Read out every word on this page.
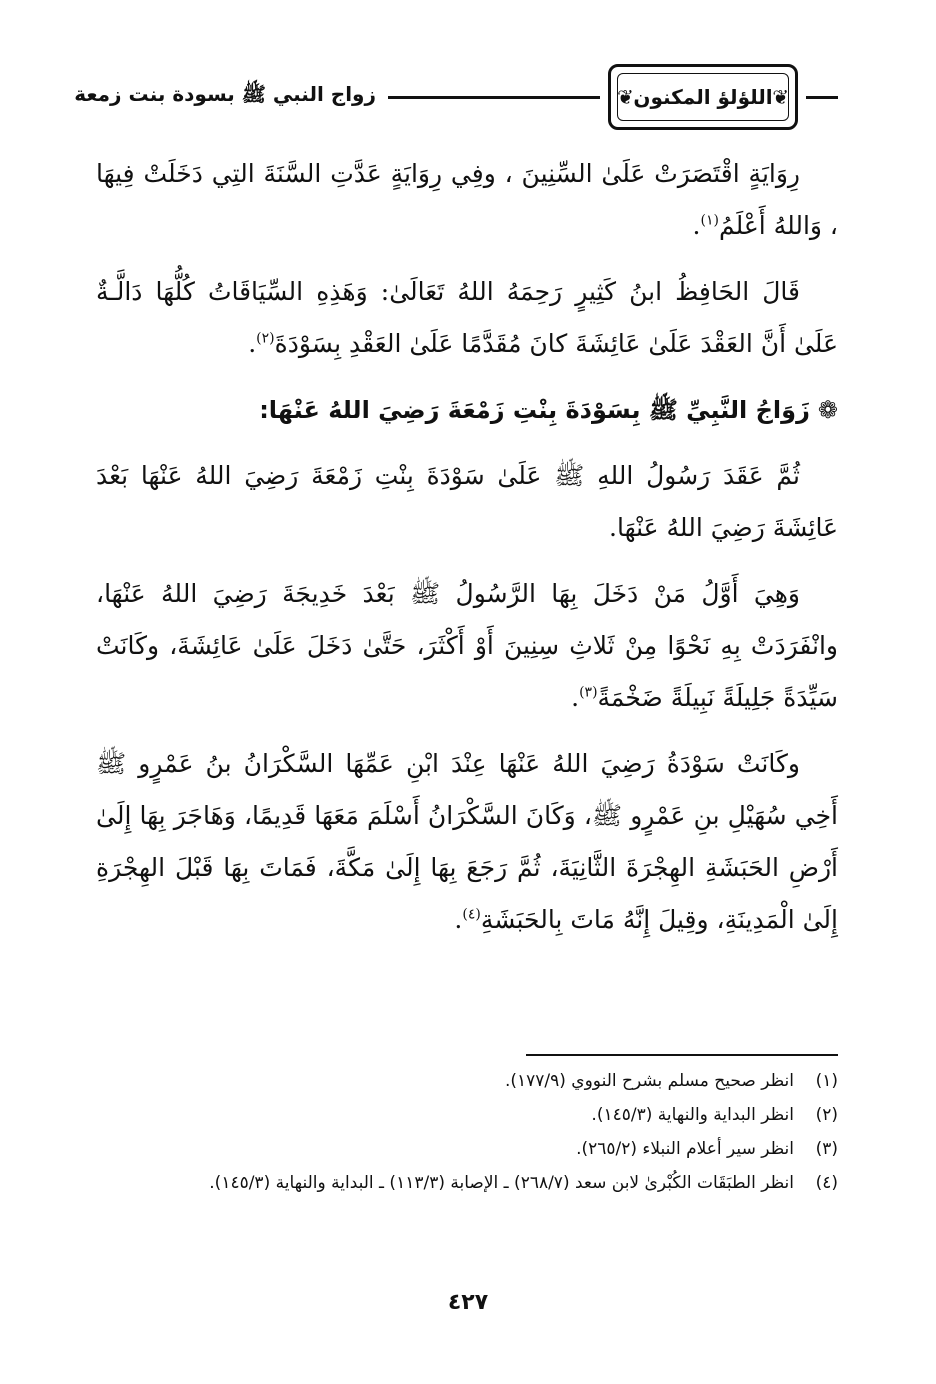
❦
اللؤلؤ المكنون
❦
زواج النبي ﷺ بسودة بنت زمعة

رِوَايَةٍ اقْتَصَرَتْ عَلَىٰ السِّنِينَ ، وفِي رِوَايَةٍ عَدَّتِ السَّنَةَ التِي دَخَلَتْ فِيهَا ، وَاللهُ أَعْلَمُ$^{(١)}$.

قَالَ الحَافِظُ ابنُ كَثِيرٍ رَحِمَهُ اللهُ تَعَالَىٰ: وَهَذِهِ السِّيَاقَاتُ كُلُّهَا دَالَّـةٌ عَلَىٰ أَنَّ العَقْدَ عَلَىٰ عَائِشَةَ كانَ مُقَدَّمًا عَلَىٰ العَقْدِ بِسَوْدَةَ$^{(٢)}$.

❁زَوَاجُ النَّبِيِّ ﷺ بِسَوْدَةَ بِنْتِ زَمْعَةَ رَضِيَ اللهُ عَنْهَا:

ثُمَّ عَقَدَ رَسُولُ اللهِ ﷺ عَلَىٰ سَوْدَةَ بِنْتِ زَمْعَةَ رَضِيَ اللهُ عَنْهَا بَعْدَ عَائِشَةَ رَضِيَ اللهُ عَنْهَا.

وَهِيَ أَوَّلُ مَنْ دَخَلَ بِهَا الرَّسُولُ ﷺ بَعْدَ خَدِيجَةَ رَضِيَ اللهُ عَنْهَا، وانْفَرَدَتْ بِهِ نَحْوًا مِنْ ثَلاثِ سِنِينَ أَوْ أَكْثَرَ، حَتَّىٰ دَخَلَ عَلَىٰ عَائِشَةَ، وكَانَتْ سَيِّدَةً جَلِيلَةً نَبِيلَةً ضَخْمَةً$^{(٣)}$.

وكَانَتْ سَوْدَةُ رَضِيَ اللهُ عَنْهَا عِنْدَ ابْنِ عَمِّهَا السَّكْرَانُ بنُ عَمْرٍو ﷺ أَخِي سُهَيْلِ بنِ عَمْرٍو ﷺ، وَكَانَ السَّكْرَانُ أَسْلَمَ مَعَهَا قَدِيمًا، وَهَاجَرَ بِهَا إِلَىٰ أَرْضِ الحَبَشَةِ الهِجْرَةَ الثَّانِيَةَ، ثُمَّ رَجَعَ بِهَا إِلَىٰ مَكَّةَ، فَمَاتَ بِهَا قَبْلَ الهِجْرَةِ إِلَىٰ الْمَدِينَةِ، وقِيلَ إِنَّهُ مَاتَ بِالحَبَشَةِ$^{(٤)}$.

(١)
انظر صحيح مسلم بشرح النووي (١٧٧/٩).
(٢)
انظر البداية والنهاية (١٤٥/٣).
(٣)
انظر سير أعلام النبلاء (٢٦٥/٢).
(٤)
انظر الطبَقَات الكُبْرىٰ لابن سعد (٢٦٨/٧) ـ الإصابة (١١٣/٣) ـ البداية والنهاية (١٤٥/٣).
٤٢٧
